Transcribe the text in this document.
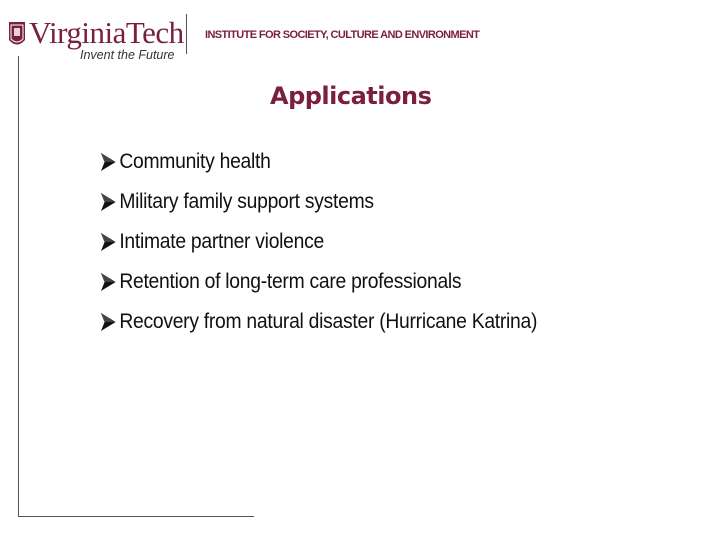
VirginiaTech
Invent the Future
INSTITUTE FOR SOCIETY, CULTURE AND ENVIRONMENT
Applications
Community health
Military family support systems
Intimate partner violence
Retention of long-term care professionals
Recovery from natural disaster (Hurricane Katrina)
